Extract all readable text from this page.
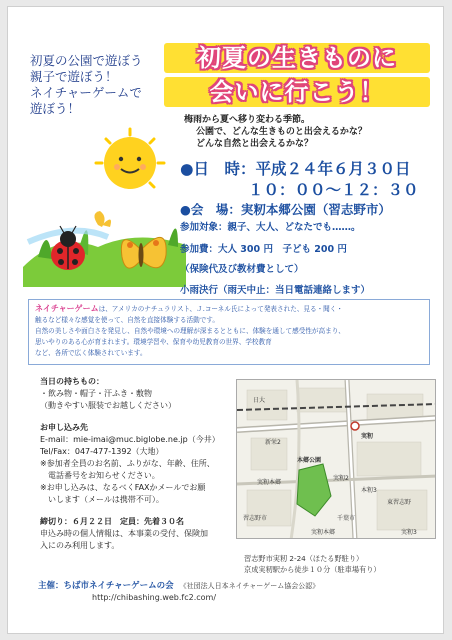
初夏の公園で遊ぼう
親子で遊ぼう！
ネイチャーゲームで
遊ぼう！
初夏の生きものに
会いに行こう！
梅雨から夏へ移り変わる季節。
公園で、どんな生きものと出会えるかな？
どんな自然と出会えるかな？
●日　時：平成２４年６月３０日
１０：００～１２：３０
●会　場：実籾本郷公園（習志野市）
参加対象：親子、大人、どなたでも……。
参加費：大人 300 円　子ども 200 円
（保険代及び教材費として）
小雨決行（雨天中止：当日電話連絡します）
ネイチャーゲームは、アメリカのナチュラリスト、Ｊ.コーネル氏によって発表された、見る・聞く・
触るなど様々な感覚を使って、自然を直接体験する活動です。
自然の美しさや面白さを発見し、自然や環境への理解が深まるとともに、体験を通して感受性が高まり、
思いやりのある心が育まれます。環境学習や、保育や幼児教育の世界、学校教育
など、各所で広く体験されています。
当日の持ちもの：
・飲み物・帽子・汗ふき・敷物
（動きやすい服装でお越しください）
お申し込み先
E-mail：mie-imai@muc.biglobe.ne.jp（今井）
Tel/Fax：047-477-1392（大地）
※参加者全員のお名前、ふりがな、年齢、住所、
　電話番号をお知らせください。
※お申し込みは、なるべくFAXかメールでお願
　いします（メールは携帯不可）。
締切り：６月２２日　定員：先着３０名
申込み時の個人情報は、本事業の受付、保険加
入にのみ利用します。
日大
新栄2
実籾
実籾2
本郷公園
実籾本郷
東習志野
実籾3
習志野市	千葉市
実籾本郷
本籾3
習志野市実籾 2-24（ほたる野駐り）
京成実籾駅から徒歩１０分（駐車場有り）
主催：ちば市ネイチャーゲームの会 《社団法人日本ネイチャーゲーム協会公認》
http://chibashing.web.fc2.com/
